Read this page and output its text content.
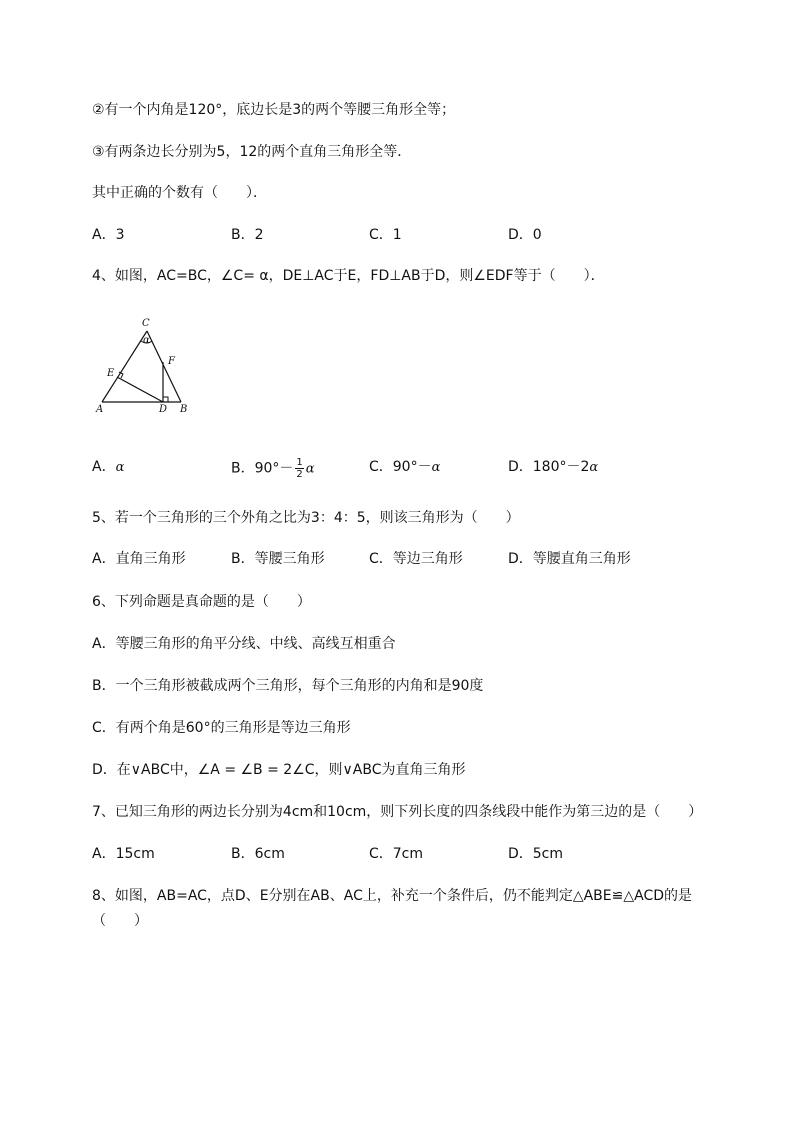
②有一个内角是120°，底边长是3的两个等腰三角形全等；
③有两条边长分别为5，12的两个直角三角形全等．
其中正确的个数有（　　）．
A．3	B．2	C．1	D．0
4、如图，AC=BC，∠C= α，DE⊥AC于E，FD⊥AB于D，则∠EDF等于（　　）．
C
α
F
E
A	D B
A．α	B．$90^\circ- \frac{1}{2}$ α	C．90°－α	D．180°－2α
5、若一个三角形的三个外角之比为3：4：5，则该三角形为（　　）
A．直角三角形	B．等腰三角形	C．等边三角形	D．等腰直角三角形
6、下列命题是真命题的是（　　）
A．等腰三角形的角平分线、中线、高线互相重合
B．一个三角形被截成两个三角形，每个三角形的内角和是90度
C．有两个角是60°的三角形是等边三角形
D．在∨ABC中，∠A = ∠B = 2∠C，则∨ABC为直角三角形
7、已知三角形的两边长分别为4cm和10cm，则下列长度的四条线段中能作为第三边的是（　　）
A．15cm	B．6cm	C．7cm	D．5cm
8、如图，AB=AC，点D、E分别在AB、AC上，补充一个条件后，仍不能判定△ABE≌△ACD的是
（　　）
